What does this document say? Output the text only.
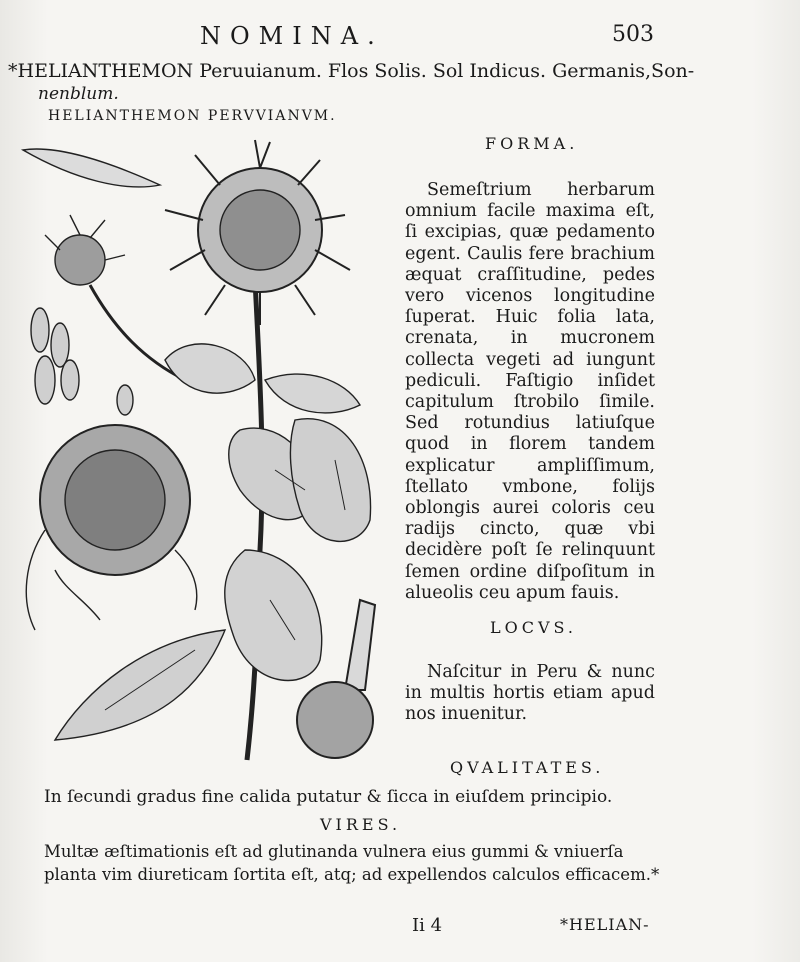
NOMINA.	503
*HELIANTHEMON Peruuianum. Flos Solis. Sol Indicus. Germanis,Son-
nenblum.
HELIANTHEMON PERVVIANVM.
FORMA.
Semeſtrium herbarum omnium facile maxima eſt, ſi excipias, quæ pedamento egent. Caulis fere brachium æquat craſſitudine, pedes vero vicenos longitudine ſuperat. Huic folia lata, crenata, in mucronem collecta vegeti ad iungunt pediculi. Faſtigio inſidet capitulum ſtrobilo ſimile. Sed rotundius latiuſque quod in florem tandem explicatur ampliſſimum, ſtellato vmbone, folijs oblongis aurei coloris ceu radijs cincto, quæ vbi decidère poſt ſe relinquunt ſemen ordine diſpoſitum in alueolis ceu apum fauis.
LOCVS.
Naſcitur in Peru & nunc in multis hortis etiam apud nos inuenitur.
QVALITATES.
In ſecundi gradus fine calida putatur & ſicca in eiuſdem principio.
VIRES.
Multæ æſtimationis eſt ad glutinanda vulnera eius gummi & vniuerſa planta vim diureticam ſortita eſt, atq; ad expellendos calculos efficacem.*
Ii 4	*HELIAN-
